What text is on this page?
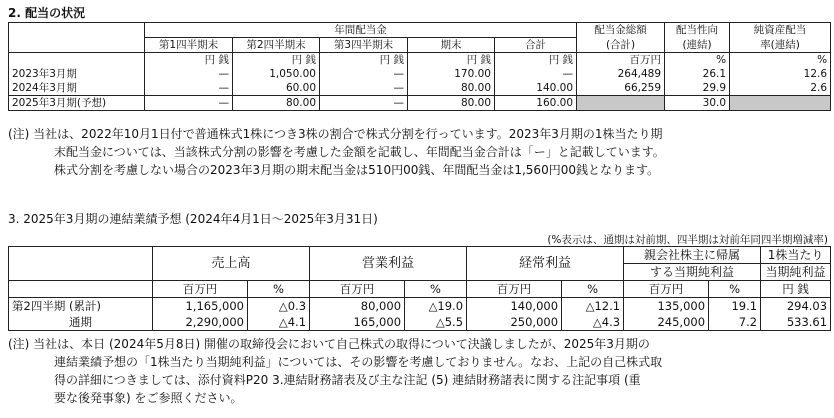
2. 配当の状況
	年間配当金					配当金総額	配当性向	純資産配当
	第1四半期末	第2四半期末	第3四半期末	期末	合計	(合計)	(連結)	率(連結)
	円 銭	円 銭	円 銭	円 銭	円 銭	百万円	%	%
2023年3月期	—	1,050.00	—	170.00	—	264,489	26.1	12.6
2024年3月期	—	60.00	—	80.00	140.00	66,259	29.9	2.6
2025年3月期(予想)	—	80.00	—	80.00	160.00		30.0	
(注) 当社は、2022年10月1日付で普通株式1株につき3株の割合で株式分割を行っています。2023年3月期の1株当たり期
末配当金については、当該株式分割の影響を考慮した金額を記載し、年間配当金合計は「ー」と記載しています。
株式分割を考慮しない場合の2023年3月期の期末配当金は510円00銭、年間配当金は1,560円00銭となります。
3. 2025年3月期の連結業績予想 (2024年4月1日～2025年3月31日)
(%表示は、通期は対前期、四半期は対前年同四半期増減率)
	売上高		営業利益		経常利益		親会社株主に帰属		1株当たり
							する当期純利益		当期純利益
	百万円	%	百万円	%	百万円	%	百万円	%	円 銭
第2四半期 (累計)	1,165,000	△0.3	80,000	△19.0	140,000	△12.1	135,000	19.1	294.03
通期	2,290,000	△4.1	165,000	△5.5	250,000	△4.3	245,000	7.2	533.61
(注) 当社は、本日 (2024年5月8日) 開催の取締役会において自己株式の取得について決議しましたが、2025年3月期の
連結業績予想の「1株当たり当期純利益」については、その影響を考慮しておりません。なお、上記の自己株式取
得の詳細につきましては、添付資料P20 3.連結財務諸表及び主な注記 (5) 連結財務諸表に関する注記事項 (重
要な後発事象) をご参照ください。
